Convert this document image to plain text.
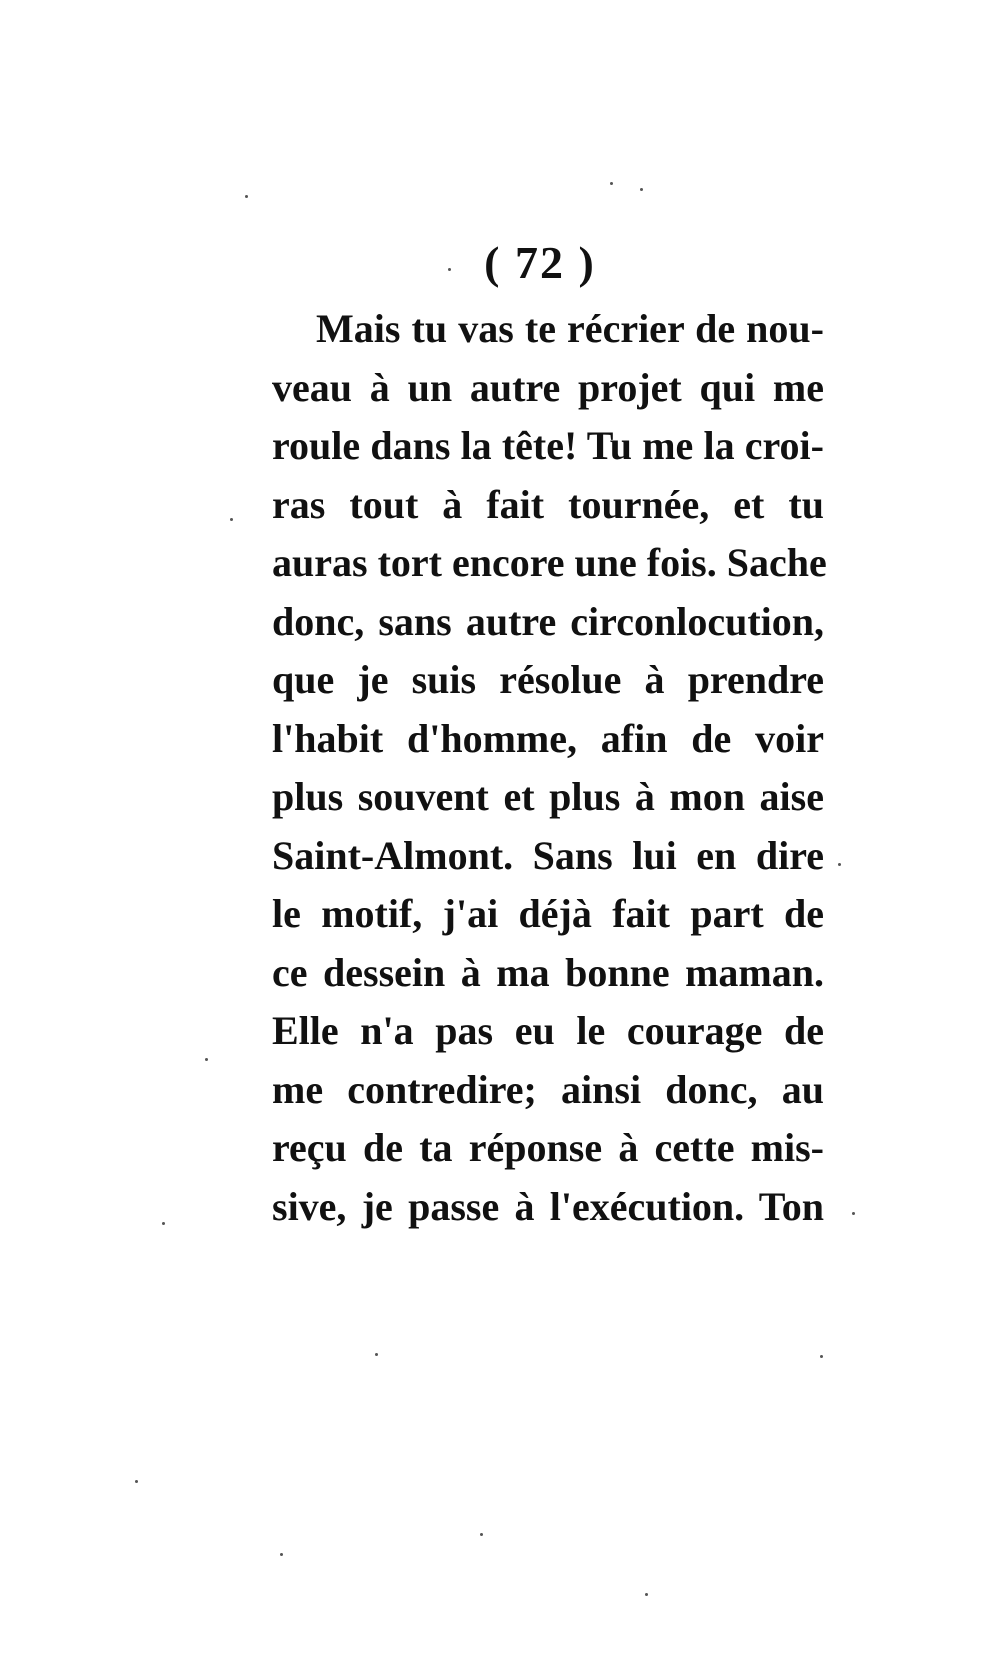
( 72 )
Mais tu vas te récrier de nou-
veau à un autre projet qui me
roule dans la tête! Tu me la croi-
ras tout à fait tournée, et tu
auras tort encore une fois. Sache
donc, sans autre circonlocution,
que je suis résolue à prendre
l'habit d'homme, afin de voir
plus souvent et plus à mon aise
Saint-Almont. Sans lui en dire
le motif, j'ai déjà fait part de
ce dessein à ma bonne maman.
Elle n'a pas eu le courage de
me contredire; ainsi donc, au
reçu de ta réponse à cette mis-
sive, je passe à l'exécution. Ton
